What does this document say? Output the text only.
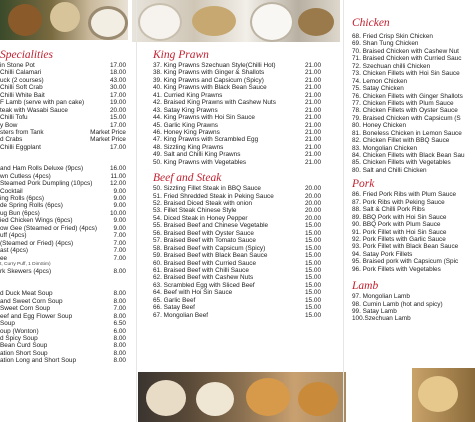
Specialities
in Stone Pot	17.00
Chilli Calamari	18.00
uck (2 courses)	43.00
Chilli Soft Crab	30.00
Chilli White Bait	17.00
F Lamb (serve with pan cake)	19.00
teak with Wasabi Sauce	20.00
Chilli Tofu	15.00
y Bow	17.00
sters from Tank	Market Price
d Crabs	Market Price
Chilli Eggplant	17.00
and Ham Rolls Deluxe (9pcs)	16.00
wn Cutless (4pcs)	11.00
Steamed Pork Dumpling (10pcs)	12.00
Cocktail	9.00
ing Rolls (6pcs)	9.00
de Spring Rolls (6pcs)	9.00
ug Bun (6pcs)	10.00
ied Chicken Wings (6pcs)	9.00
ow Gee (Steamed or Fried) (4pcs)	9.00
uff (4pcs)	7.00
(Steamed or Fried) (4pcs)	7.00
ast (4pcs)	7.00
ee	7.00
t, Curry Puff, 1 DimSim)
rk Skewers (4pcs)	8.00
d Duck Meat Soup	8.00
and Sweet Corn Soup	8.00
Sweet Corn Soup	7.00
eef and Egg Flower Soup	8.00
Soup	6.50
oup (Wonton)	6.00
d Spicy Soup	8.00
Bean Curd Soup	8.00
ation Short Soup	8.00
ation Long and Short Soup	8.00
King Prawn
37. King Prawns Szechuan Style(Chilli Hot)	21.00
38. King Prawns with Ginger & Shallots	21.00
39. King Prawns and Capsicum (Spicy)	21.00
40. King Prawns with Black Bean Sauce	21.00
41. Curried King Prawns	21.00
42. Braised King Prawns with Cashew Nuts	21.00
43. Satay King Prawns	21.00
44. King Prawns with Hoi Sin Sauce	21.00
45. Garlic King Prawns	21.00
46. Honey King Prawns	21.00
47. King Prawns with Scrambled Egg	21.00
48. Sizzling King Prawns	21.00
49. Salt and Chilli King Prawns	21.00
50. King Prawns with Vegetables	21.00
Beef and Steak
50. Sizzling Fillet Steak in BBQ Sauce	20.00
51. Fried Shredded Steak in Peking Sauce	20.00
52. Braised Diced Steak with onion	20.00
53. Fillet Steak Chinese Style	20.00
54. Diced Steak in Honey Pepper	20.00
55. Braised Beef and Chinese Vegetable	15.00
56. Braised Beef with Oyster Sauce	15.00
57. Braised Beef with Tomato Sauce	15.00
58. Braised Beef with Capsicum (Spicy)	15.00
59. Braised Beef with Black Bean Sauce	15.00
60. Braised Beef with Curried Sauce	15.00
61. Braised Beef with Chilli Sauce	15.00
62. Braised Beef with Cashew Nuts	15.00
63. Scrambled Egg with Sliced Beef	15.00
64. Beef with Hoi Sin Sauce	15.00
65. Garlic Beef	15.00
66. Satay Beef	15.00
67. Mongolian Beef	15.00
Chicken
68. Fried Crisp Skin Chicken
69. Shan Tung Chicken
70. Braised Chicken with Cashew Nut
71. Braised Chicken with Curried Sauc
72. Szechuan chilli Chicken
73. Chicken Fillets with Hoi Sin Sauce
74. Lemon Chicken
75. Satay Chicken
76. Chicken Fillets with Ginger Shallots
77. Chicken Fillets with Plum Sauce
78. Chicken Fillets with Oyster Sauce
79. Braised Chicken with Capsicum (S
80. Honey Chicken
81. Boneless Chicken in Lemon Sauce
82. Chicken Fillet with BBQ Sauce
83. Mongolian Chicken
84. Chicken Fillets with Black Bean Sau
85. Chicken Fillets with Vegetables
80. Salt and Chilli Chicken
Pork
86. Fried Pork Ribs with Plum Sauce
87. Pork Ribs with Peking Sauce
88. Salt & Chilli Pork Ribs
89. BBQ Pork with Hoi Sin Sauce
90. BBQ Pork with Plum Sauce
91. Pork Fillet with Hoi Sin Sauce
92. Pork Fillets with Garlic Sauce
93. Pork Fillet with Black Bean Sauce
94. Satay Pork Fillets
95. Braised pork with Capsicum (Spic
96. Pork Fillets with Vegetables
Lamb
97. Mongolian Lamb
98. Cumin Lamb (hot and spicy)
99. Satay Lamb
100.Szechuan Lamb
